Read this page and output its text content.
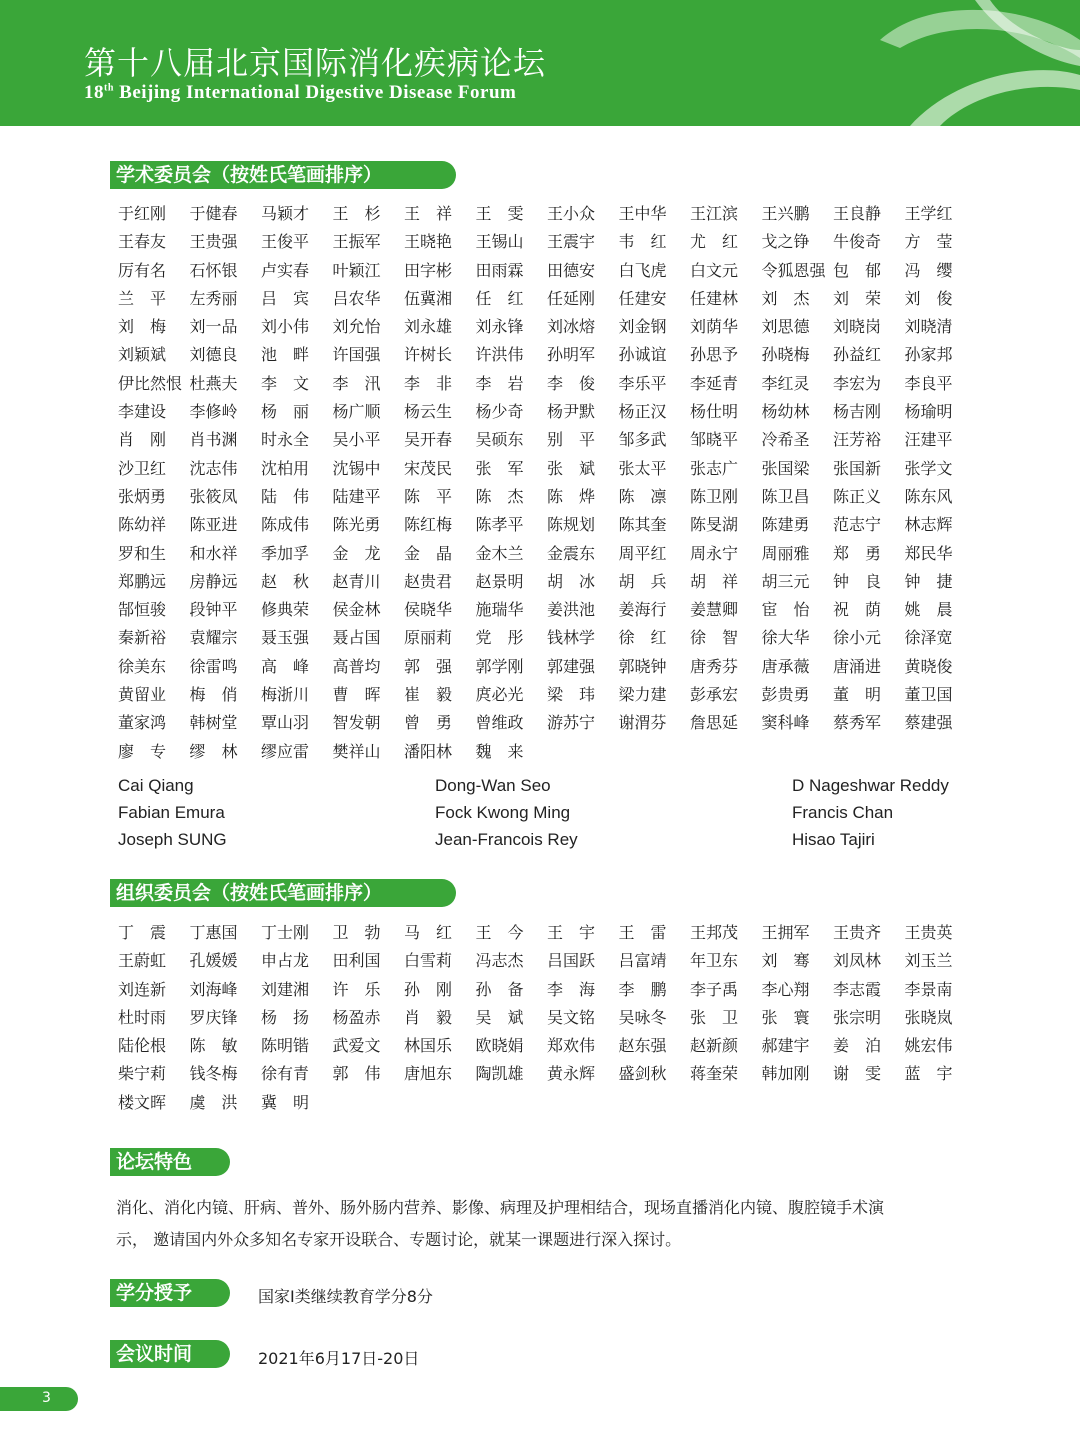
第十八届北京国际消化疾病论坛
18th Beijing International Digestive Disease Forum
学术委员会（按姓氏笔画排序）
于红刚	于健春	马颖才	王　杉	王　祥	王　雯	王小众	王中华	王江滨	王兴鹏	王良静	王学红
王春友	王贵强	王俊平	王振军	王晓艳	王锡山	王震宇	韦　红	尤　红	戈之铮	牛俊奇	方　莹
厉有名	石怀银	卢实春	叶颖江	田字彬	田雨霖	田德安	白飞虎	白文元	令狐恩强 包　郁	冯　缨
兰　平	左秀丽	吕　宾	吕农华	伍冀湘	任　红	任延刚	任建安	任建林	刘　杰	刘　荣	刘　俊
刘　梅	刘一品	刘小伟	刘允怡	刘永雄	刘永锋	刘冰熔	刘金钢	刘荫华	刘思德	刘晓岗	刘晓清
刘颖斌	刘德良	池　畔	许国强	许树长	许洪伟	孙明军	孙诚谊	孙思予	孙晓梅	孙益红	孙家邦
伊比然恨 杜燕夫	李　文	李　汛	李　非	李　岩	李　俊	李乐平	李延青	李红灵	李宏为	李良平
李建设	李修岭	杨　丽	杨广顺	杨云生	杨少奇	杨尹默	杨正汉	杨仕明	杨幼林	杨吉刚	杨瑜明
肖　刚	肖书渊	时永全	吴小平	吴开春	吴硕东	别　平	邹多武	邹晓平	冷希圣	汪芳裕	汪建平
沙卫红	沈志伟	沈柏用	沈锡中	宋茂民	张　军	张　斌	张太平	张志广	张国梁	张国新	张学文
张炳勇	张筱凤	陆　伟	陆建平	陈　平	陈　杰	陈　烨	陈　凛	陈卫刚	陈卫昌	陈正义	陈东风
陈幼祥	陈亚进	陈成伟	陈光勇	陈红梅	陈孝平	陈规划	陈其奎	陈旻湖	陈建勇	范志宁	林志辉
罗和生	和水祥	季加孚	金　龙	金　晶	金木兰	金震东	周平红	周永宁	周丽雅	郑　勇	郑民华
郑鹏远	房静远	赵　秋	赵青川	赵贵君	赵景明	胡　冰	胡　兵	胡　祥	胡三元	钟　良	钟　捷
郜恒骏	段钟平	修典荣	侯金林	侯晓华	施瑞华	姜洪池	姜海行	姜慧卿	宦　怡	祝　荫	姚　晨
秦新裕	袁耀宗	聂玉强	聂占国	原丽莉	党　彤	钱林学	徐　红	徐　智	徐大华	徐小元	徐泽宽
徐美东	徐雷鸣	高　峰	高普均	郭　强	郭学刚	郭建强	郭晓钟	唐秀芬	唐承薇	唐涌进	黄晓俊
黄留业	梅　俏	梅浙川	曹　晖	崔　毅	庹必光	梁　玮	梁力建	彭承宏	彭贵勇	董　明	董卫国
董家鸿	韩树堂	覃山羽	智发朝	曾　勇	曾维政	游苏宁	谢渭芬	詹思延	窦科峰	蔡秀军	蔡建强
廖　专	缪　林	缪应雷	樊祥山	潘阳林	魏　来
Cai Qiang
Fabian Emura
Joseph SUNG
Dong-Wan Seo
Fock Kwong Ming
Jean-Francois Rey
D Nageshwar Reddy
Francis Chan
Hisao Tajiri
组织委员会（按姓氏笔画排序）
丁　震	丁惠国	丁士刚	卫　勃	马　红	王　今	王　宇	王　雷	王邦茂	王拥军	王贵齐	王贵英
王蔚虹	孔媛媛	申占龙	田利国	白雪莉	冯志杰	吕国跃	吕富靖	年卫东	刘　骞	刘凤林	刘玉兰
刘连新	刘海峰	刘建湘	许　乐	孙　刚	孙　备	李　海	李　鹏	李子禹	李心翔	李志霞	李景南
杜时雨	罗庆锋	杨　扬	杨盈赤	肖　毅	吴　斌	吴文铭	吴咏冬	张　卫	张　寰	张宗明	张晓岚
陆伦根	陈　敏	陈明锴	武爱文	林国乐	欧晓娟	郑欢伟	赵东强	赵新颜	郝建宇	姜　泊	姚宏伟
柴宁莉	钱冬梅	徐有青	郭　伟	唐旭东	陶凯雄	黄永辉	盛剑秋	蒋奎荣	韩加刚	谢　雯	蓝　宇
楼文晖	虞　洪	冀　明
论坛特色
消化、消化内镜、肝病、普外、肠外肠内营养、影像、病理及护理相结合，现场直播消化内镜、腹腔镜手术演
示， 邀请国内外众多知名专家开设联合、专题讨论，就某一课题进行深入探讨。
学分授予	国家I类继续教育学分8分
会议时间	2021年6月17日-20日
3
